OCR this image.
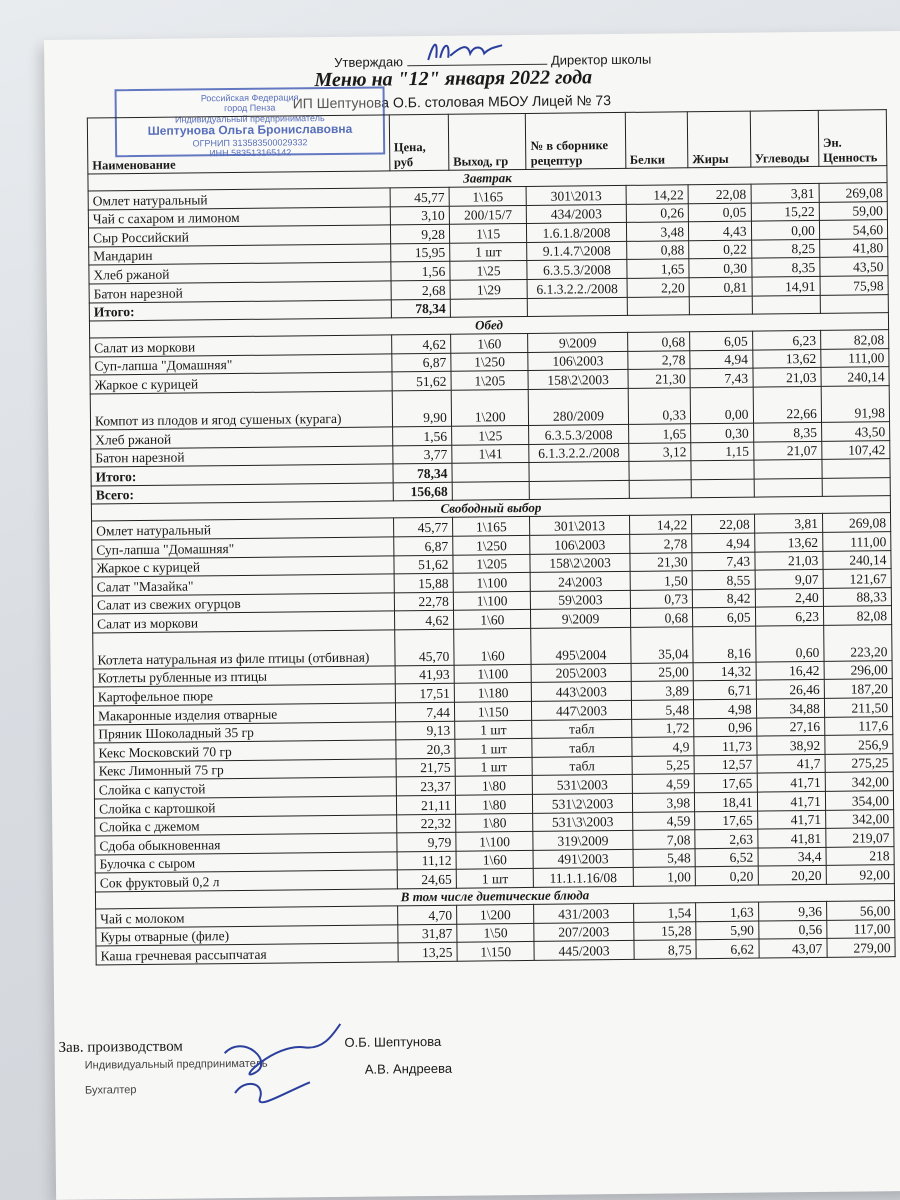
Утверждаю	Директор школы
Меню на "12" января 2022 года
ИП Шептунова О.Б. столовая МБОУ Лицей № 73
Российская Федерация
город Пенза
Индивидуальный предприниматель
Шептунова Ольга Брониславовна
ОГРНИП 313583500029332
ИНН 583513165142
Наименование	Цена, руб	Выход, гр	№ в сборнике рецептур	Белки	Жиры	Углеводы	Эн. Ценность
Завтрак							
Омлет натуральный	45,77	1\165	301\2013	14,22	22,08	3,81	269,08
Чай с сахаром и лимоном	3,10	200/15/7	434/2003	0,26	0,05	15,22	59,00
Сыр Российский	9,28	1\15	1.6.1.8/2008	3,48	4,43	0,00	54,60
Мандарин	15,95	1 шт	9.1.4.7\2008	0,88	0,22	8,25	41,80
Хлеб ржаной	1,56	1\25	6.3.5.3/2008	1,65	0,30	8,35	43,50
Батон нарезной	2,68	1\29	6.1.3.2.2./2008	2,20	0,81	14,91	75,98
Итого:	78,34						
Обед							
Салат из моркови	4,62	1\60	9\2009	0,68	6,05	6,23	82,08
Суп-лапша "Домашняя"	6,87	1\250	106\2003	2,78	4,94	13,62	111,00
Жаркое с курицей	51,62	1\205	158\2\2003	21,30	7,43	21,03	240,14
Компот из плодов и ягод сушеных (курага)	9,90	1\200	280/2009	0,33	0,00	22,66	91,98
Хлеб ржаной	1,56	1\25	6.3.5.3/2008	1,65	0,30	8,35	43,50
Батон нарезной	3,77	1\41	6.1.3.2.2./2008	3,12	1,15	21,07	107,42
Итого:	78,34						
Всего:	156,68						
Свободный выбор							
Омлет натуральный	45,77	1\165	301\2013	14,22	22,08	3,81	269,08
Суп-лапша "Домашняя"	6,87	1\250	106\2003	2,78	4,94	13,62	111,00
Жаркое с курицей	51,62	1\205	158\2\2003	21,30	7,43	21,03	240,14
Салат "Мазайка"	15,88	1\100	24\2003	1,50	8,55	9,07	121,67
Салат из свежих огурцов	22,78	1\100	59\2003	0,73	8,42	2,40	88,33
Салат из моркови	4,62	1\60	9\2009	0,68	6,05	6,23	82,08
Котлета натуральная из филе птицы (отбивная)	45,70	1\60	495\2004	35,04	8,16	0,60	223,20
Котлеты рубленные из птицы	41,93	1\100	205\2003	25,00	14,32	16,42	296,00
Картофельное пюре	17,51	1\180	443\2003	3,89	6,71	26,46	187,20
Макаронные изделия отварные	7,44	1\150	447\2003	5,48	4,98	34,88	211,50
Пряник Шоколадный 35 гр	9,13	1 шт	табл	1,72	0,96	27,16	117,6
Кекс Московский 70 гр	20,3	1 шт	табл	4,9	11,73	38,92	256,9
Кекс Лимонный 75 гр	21,75	1 шт	табл	5,25	12,57	41,7	275,25
Слойка с капустой	23,37	1\80	531\2003	4,59	17,65	41,71	342,00
Слойка с картошкой	21,11	1\80	531\2\2003	3,98	18,41	41,71	354,00
Слойка с джемом	22,32	1\80	531\3\2003	4,59	17,65	41,71	342,00
Сдоба обыкновенная	9,79	1\100	319\2009	7,08	2,63	41,81	219,07
Булочка с сыром	11,12	1\60	491\2003	5,48	6,52	34,4	218
Сок фруктовый 0,2 л	24,65	1 шт	11.1.1.16/08	1,00	0,20	20,20	92,00
В том числе диетические блюда							
Чай с молоком	4,70	1\200	431/2003	1,54	1,63	9,36	56,00
Куры отварные (филе)	31,87	1\50	207/2003	15,28	5,90	0,56	117,00
Каша гречневая рассыпчатая	13,25	1\150	445/2003	8,75	6,62	43,07	279,00
Зав. производством
Индивидуальный предприниматель
О.Б. Шептунова
Бухгалтер
А.В. Андреева
